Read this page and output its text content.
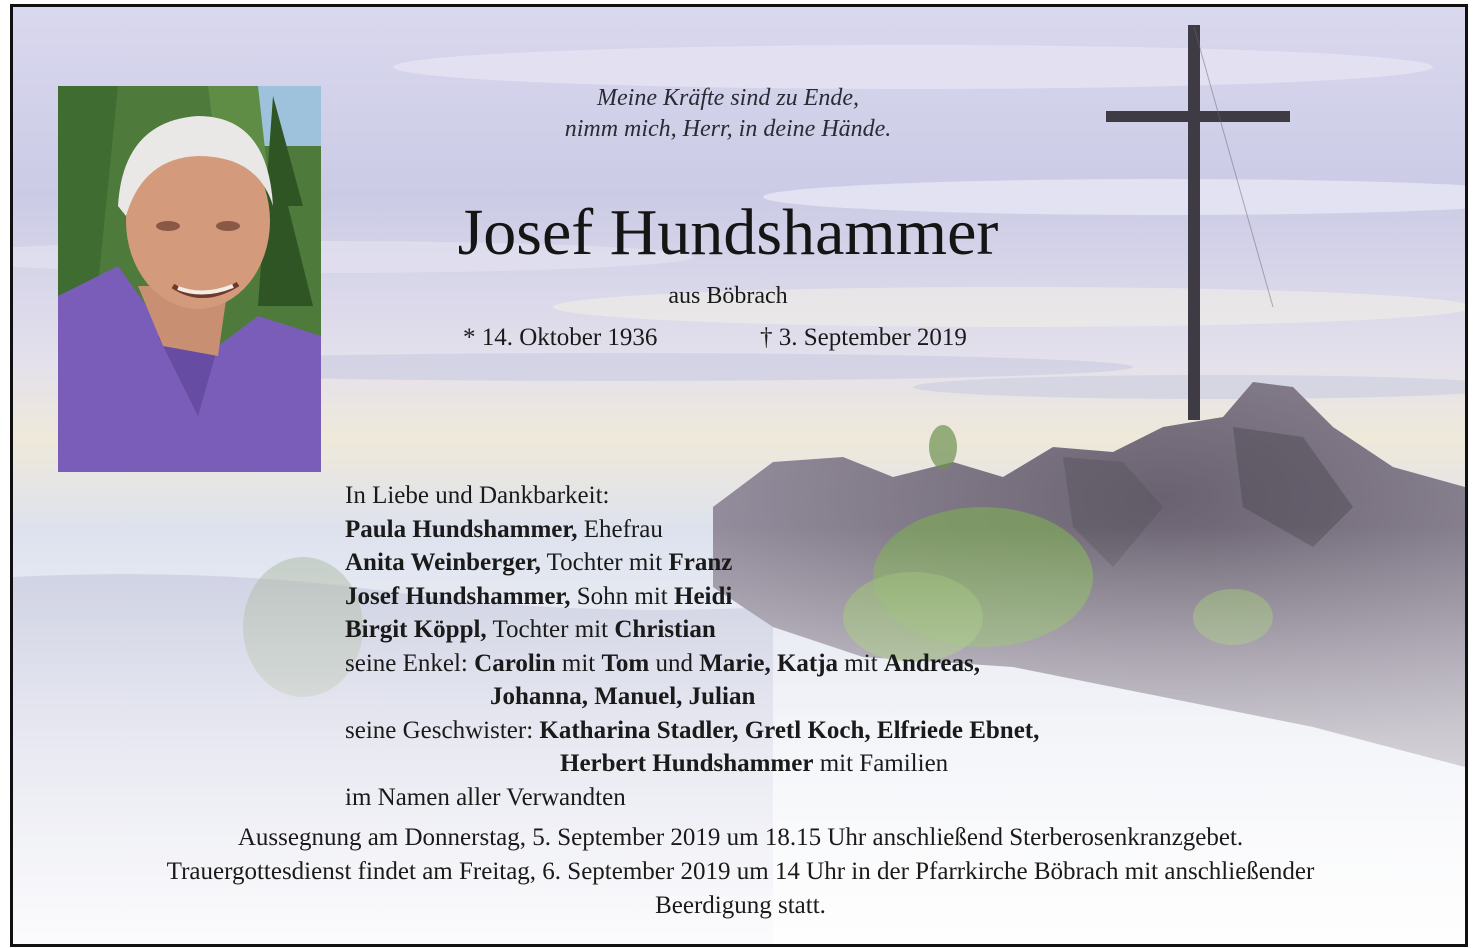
Meine Kräfte sind zu Ende,
nimm mich, Herr, in deine Hände.
Josef Hundshammer
aus Böbrach
* 14. Oktober 1936	† 3. September 2019
In Liebe und Dankbarkeit:
Paula Hundshammer, Ehefrau
Anita Weinberger, Tochter mit Franz
Josef Hundshammer, Sohn mit Heidi
Birgit Köppl, Tochter mit Christian
seine Enkel: Carolin mit Tom und Marie, Katja mit Andreas,
Johanna, Manuel, Julian
seine Geschwister: Katharina Stadler, Gretl Koch, Elfriede Ebnet,
Herbert Hundshammer mit Familien
im Namen aller Verwandten
Aussegnung am Donnerstag, 5. September 2019 um 18.15 Uhr anschließend Sterberosenkranzgebet.
Trauergottesdienst findet am Freitag, 6. September 2019 um 14 Uhr in der Pfarrkirche Böbrach mit anschließender
Beerdigung statt.
